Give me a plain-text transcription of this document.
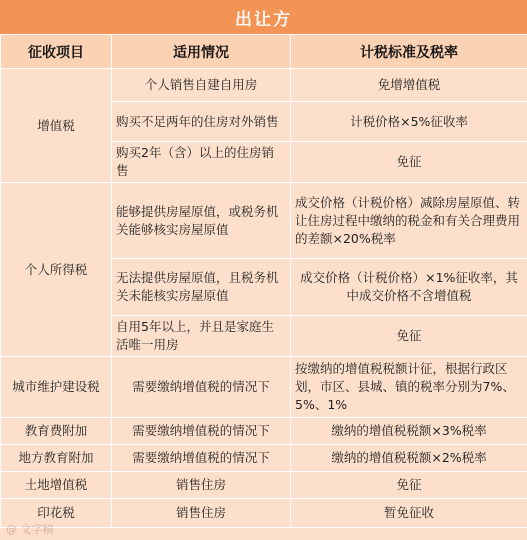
出让方
征收项目	适用情况	计税标准及税率
增值税	个人销售自建自用房	免增增值税
	购买不足两年的住房对外销售	计税价格×5%征收率
	购买2年（含）以上的住房销售	免征
个人所得税	能够提供房屋原值，或税务机关能够核实房屋原值	成交价格（计税价格）减除房屋原值、转让住房过程中缴纳的税金和有关合理费用的差额×20%税率
	无法提供房屋原值，且税务机关未能核实房屋原值	成交价格（计税价格）×1%征收率，其中成交价格不含增值税
	自用5年以上，并且是家庭生活唯一用房	免征
城市维护建设税	需要缴纳增值税的情况下	按缴纳的增值税税额计征，根据行政区划，市区、县城、镇的税率分别为7%、5%、1%
教育费附加	需要缴纳增值税的情况下	缴纳的增值税税额×3%税率
地方教育附加	需要缴纳增值税的情况下	缴纳的增值税税额×2%税率
土地增值税	销售住房	免征
印花税	销售住房	暂免征收
@ 文字稿
